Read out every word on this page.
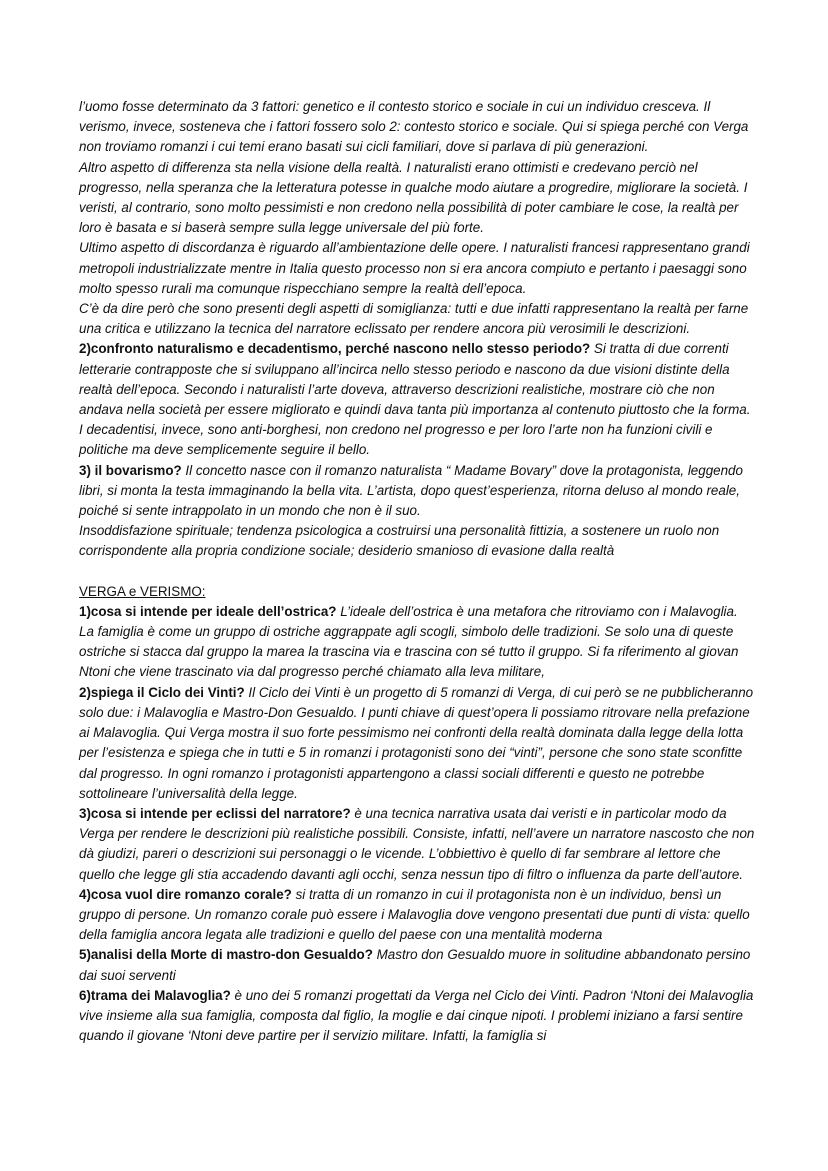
l’uomo fosse determinato da 3 fattori: genetico e il contesto storico e sociale in cui un individuo cresceva. Il verismo, invece, sosteneva che i fattori fossero solo 2: contesto storico e sociale. Qui si spiega perché con Verga non troviamo romanzi i cui temi erano basati sui cicli familiari, dove si parlava di più generazioni.

Altro aspetto di differenza sta nella visione della realtà. I naturalisti erano ottimisti e credevano perciò nel progresso, nella speranza che la letteratura potesse in qualche modo aiutare a progredire, migliorare la società. I veristi, al contrario, sono molto pessimisti e non credono nella possibilità di poter cambiare le cose, la realtà per loro è basata e si baserà sempre sulla legge universale del più forte.

Ultimo aspetto di discordanza è riguardo all’ambientazione delle opere. I naturalisti francesi rappresentano grandi metropoli industrializzate mentre in Italia questo processo non si era ancora compiuto e pertanto i paesaggi sono molto spesso rurali ma comunque rispecchiano sempre la realtà dell’epoca.

C’è da dire però che sono presenti degli aspetti di somiglianza: tutti e due infatti rappresentano la realtà per farne una critica e utilizzano la tecnica del narratore eclissato per rendere ancora più verosimili le descrizioni.

2)confronto naturalismo e decadentismo, perché nascono nello stesso periodo? Si tratta di due correnti letterarie contrapposte che si sviluppano all’incirca nello stesso periodo e nascono da due visioni distinte della realtà dell’epoca. Secondo i naturalisti l’arte doveva, attraverso descrizioni realistiche, mostrare ciò che non andava nella società per essere migliorato e quindi dava tanta più importanza al contenuto piuttosto che la forma. I decadentisi, invece, sono anti-borghesi, non credono nel progresso e per loro l’arte non ha funzioni civili e politiche ma deve semplicemente seguire il bello.

3) il bovarismo? Il concetto nasce con il romanzo naturalista “ Madame Bovary” dove la protagonista, leggendo libri, si monta la testa immaginando la bella vita. L’artista, dopo quest’esperienza, ritorna deluso al mondo reale, poiché si sente intrappolato in un mondo che non è il suo.

Insoddisfazione spirituale; tendenza psicologica a costruirsi una personalità fittizia, a sostenere un ruolo non corrispondente alla propria condizione sociale; desiderio smanioso di evasione dalla realtà

VERGA e VERISMO:

1)cosa si intende per ideale dell’ostrica? L’ideale dell’ostrica è una metafora che ritroviamo con i Malavoglia. La famiglia è come un gruppo di ostriche aggrappate agli scogli, simbolo delle tradizioni. Se solo una di queste ostriche si stacca dal gruppo la marea la trascina via e trascina con sé tutto il gruppo. Si fa riferimento al giovan Ntoni che viene trascinato via dal progresso perché chiamato alla leva militare,

2)spiega il Ciclo dei Vinti? Il Ciclo dei Vinti è un progetto di 5 romanzi di Verga, di cui però se ne pubblicheranno solo due: i Malavoglia e Mastro-Don Gesualdo. I punti chiave di quest’opera li possiamo ritrovare nella prefazione ai Malavoglia. Qui Verga mostra il suo forte pessimismo nei confronti della realtà dominata dalla legge della lotta per l’esistenza e spiega che in tutti e 5 in romanzi i protagonisti sono dei “vinti”, persone che sono state sconfitte dal progresso. In ogni romanzo i protagonisti appartengono a classi sociali differenti e questo ne potrebbe sottolineare l’universalità della legge.

3)cosa si intende per eclissi del narratore? è una tecnica narrativa usata dai veristi e in particolar modo da Verga per rendere le descrizioni più realistiche possibili. Consiste, infatti, nell’avere un narratore nascosto che non dà giudizi, pareri o descrizioni sui personaggi o le vicende. L’obbiettivo è quello di far sembrare al lettore che quello che legge gli stia accadendo davanti agli occhi, senza nessun tipo di filtro o influenza da parte dell’autore.

4)cosa vuol dire romanzo corale? si tratta di un romanzo in cui il protagonista non è un individuo, bensì un gruppo di persone. Un romanzo corale può essere i Malavoglia dove vengono presentati due punti di vista: quello della famiglia ancora legata alle tradizioni e quello del paese con una mentalità moderna

5)analisi della Morte di mastro-don Gesualdo? Mastro don Gesualdo muore in solitudine abbandonato persino dai suoi serventi

6)trama dei Malavoglia? è uno dei 5 romanzi progettati da Verga nel Ciclo dei Vinti. Padron ‘Ntoni dei Malavoglia vive insieme alla sua famiglia, composta dal figlio, la moglie e dai cinque nipoti. I problemi iniziano a farsi sentire quando il giovane ‘Ntoni deve partire per il servizio militare. Infatti, la famiglia si
